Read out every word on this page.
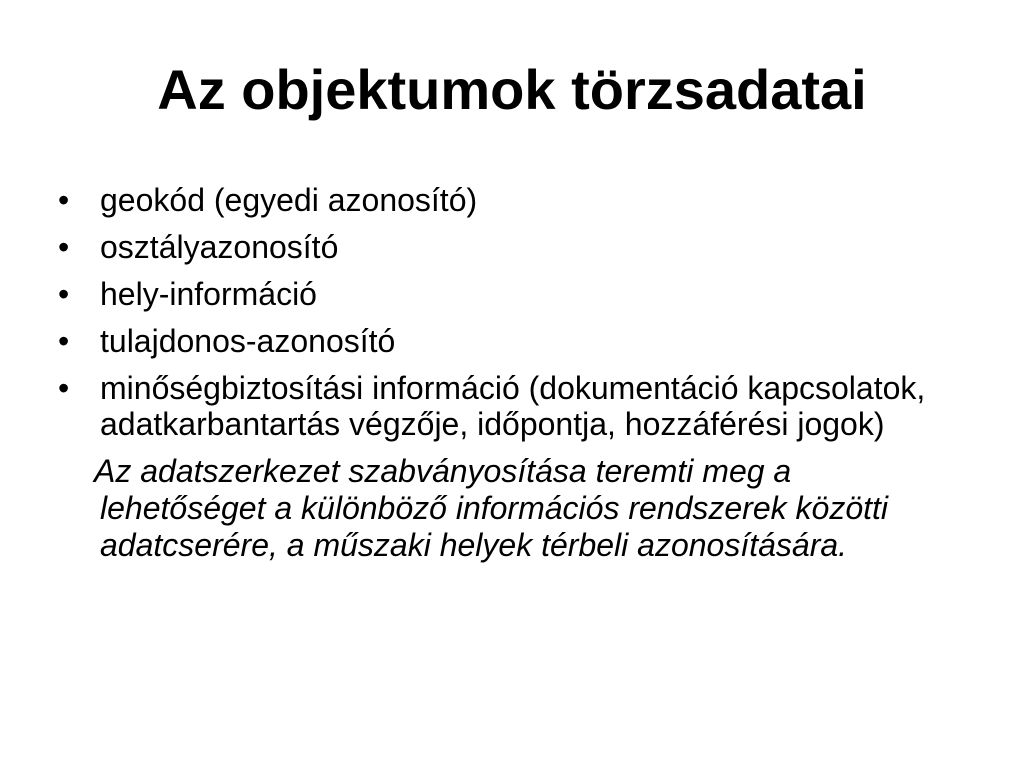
Az objektumok törzsadatai
• geokód (egyedi azonosító)
• osztályazonosító
• hely-információ
• tulajdonos-azonosító
• minőségbiztosítási információ (dokumentáció kapcsolatok, adatkarbantartás végzője, időpontja, hozzáférési jogok)

Az adatszerkezet szabványosítása teremti meg a lehetőséget a különböző információs rendszerek közötti adatcserére, a műszaki helyek térbeli azonosítására.
